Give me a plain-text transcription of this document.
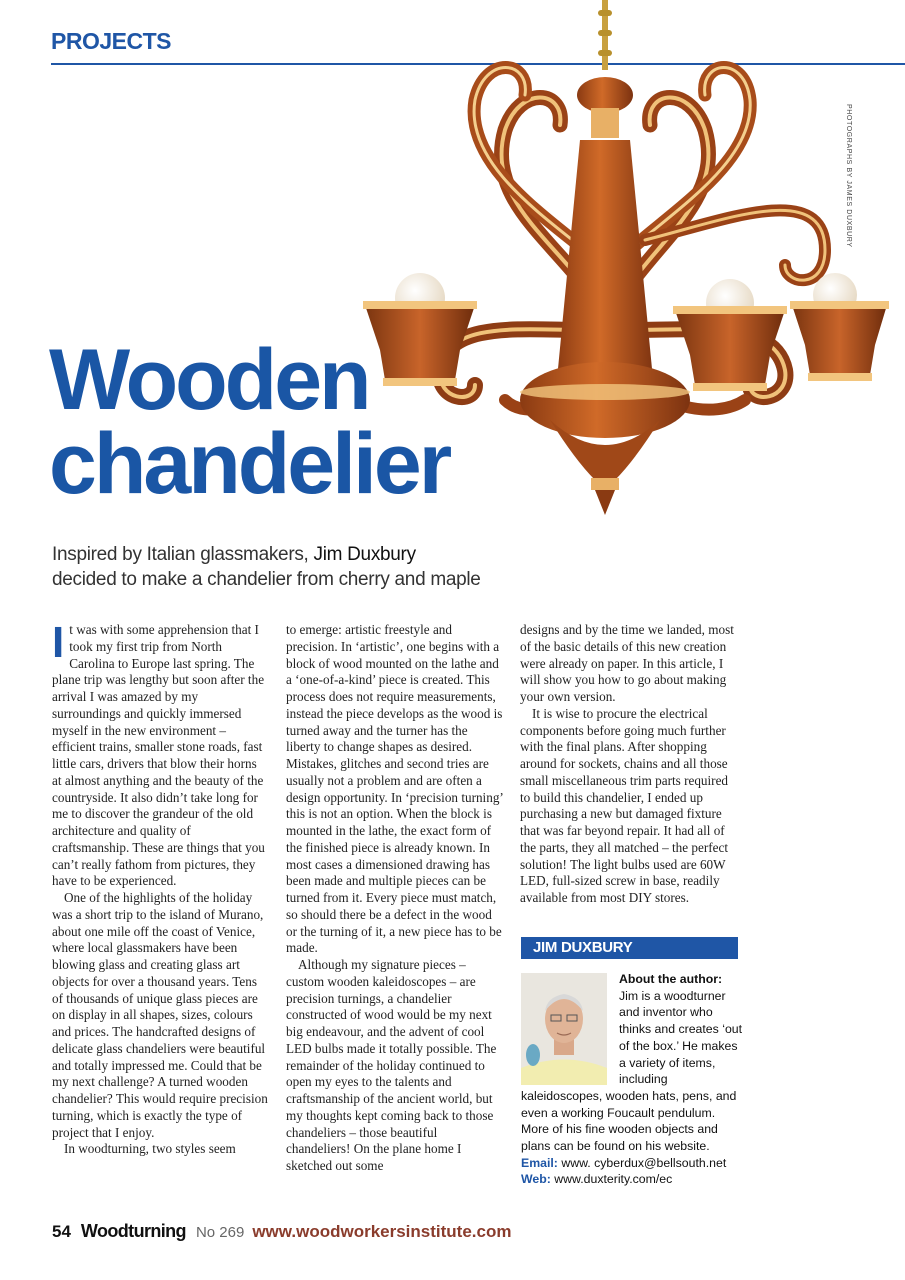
PROJECTS
PHOTOGRAPHS BY JAMES DUXBURY
Wooden
chandelier
Inspired by Italian glassmakers, Jim Duxbury
decided to make a chandelier from cherry and maple

It was with some apprehension that I took my first trip from North Carolina to Europe last spring. The plane trip was lengthy but soon after the arrival I was amazed by my surroundings and quickly immersed myself in the new environment – efficient trains, smaller stone roads, fast little cars, drivers that blow their horns at almost anything and the beauty of the countryside. It also didn’t take long for me to discover the grandeur of the old architecture and quality of craftsmanship. These are things that you can’t really fathom from pictures, they have to be experienced.

One of the highlights of the holiday was a short trip to the island of Murano, about one mile off the coast of Venice, where local glassmakers have been blowing glass and creating glass art objects for over a thousand years. Tens of thousands of unique glass pieces are on display in all shapes, sizes, colours and prices. The handcrafted designs of delicate glass chandeliers were beautiful and totally impressed me. Could that be my next challenge? A turned wooden chandelier? This would require precision turning, which is exactly the type of project that I enjoy.

In woodturning, two styles seem

to emerge: artistic freestyle and precision. In ‘artistic’, one begins with a block of wood mounted on the lathe and a ‘one-of-a-kind’ piece is created. This process does not require measurements, instead the piece develops as the wood is turned away and the turner has the liberty to change shapes as desired. Mistakes, glitches and second tries are usually not a problem and are often a design opportunity. In ‘precision turning’ this is not an option. When the block is mounted in the lathe, the exact form of the finished piece is already known. In most cases a dimensioned drawing has been made and multiple pieces can be turned from it. Every piece must match, so should there be a defect in the wood or the turning of it, a new piece has to be made.

Although my signature pieces – custom wooden kaleidoscopes – are precision turnings, a chandelier constructed of wood would be my next big endeavour, and the advent of cool LED bulbs made it totally possible. The remainder of the holiday continued to open my eyes to the talents and craftsmanship of the ancient world, but my thoughts kept coming back to those chandeliers – those beautiful chandeliers! On the plane home I sketched out some

designs and by the time we landed, most of the basic details of this new creation were already on paper. In this article, I will show you how to go about making your own version.

It is wise to procure the electrical components before going much further with the final plans. After shopping around for sockets, chains and all those small miscellaneous trim parts required to build this chandelier, I ended up purchasing a new but damaged fixture that was far beyond repair. It had all of the parts, they all matched – the perfect solution! The light bulbs used are 60W LED, full-sized screw in base, readily available from most DIY stores.

JIM DUXBURY

About the author:
Jim is a woodturner and inventor who thinks and creates ‘out of the box.’ He makes a variety of items, including kaleidoscopes, wooden hats, pens, and even a working Foucault pendulum. More of his fine wooden objects and plans can be found on his website.

Email: www. cyberdux@bellsouth.net

Web: www.duxterity.com/ec

54 Woodturning No 269 www.woodworkersinstitute.com
